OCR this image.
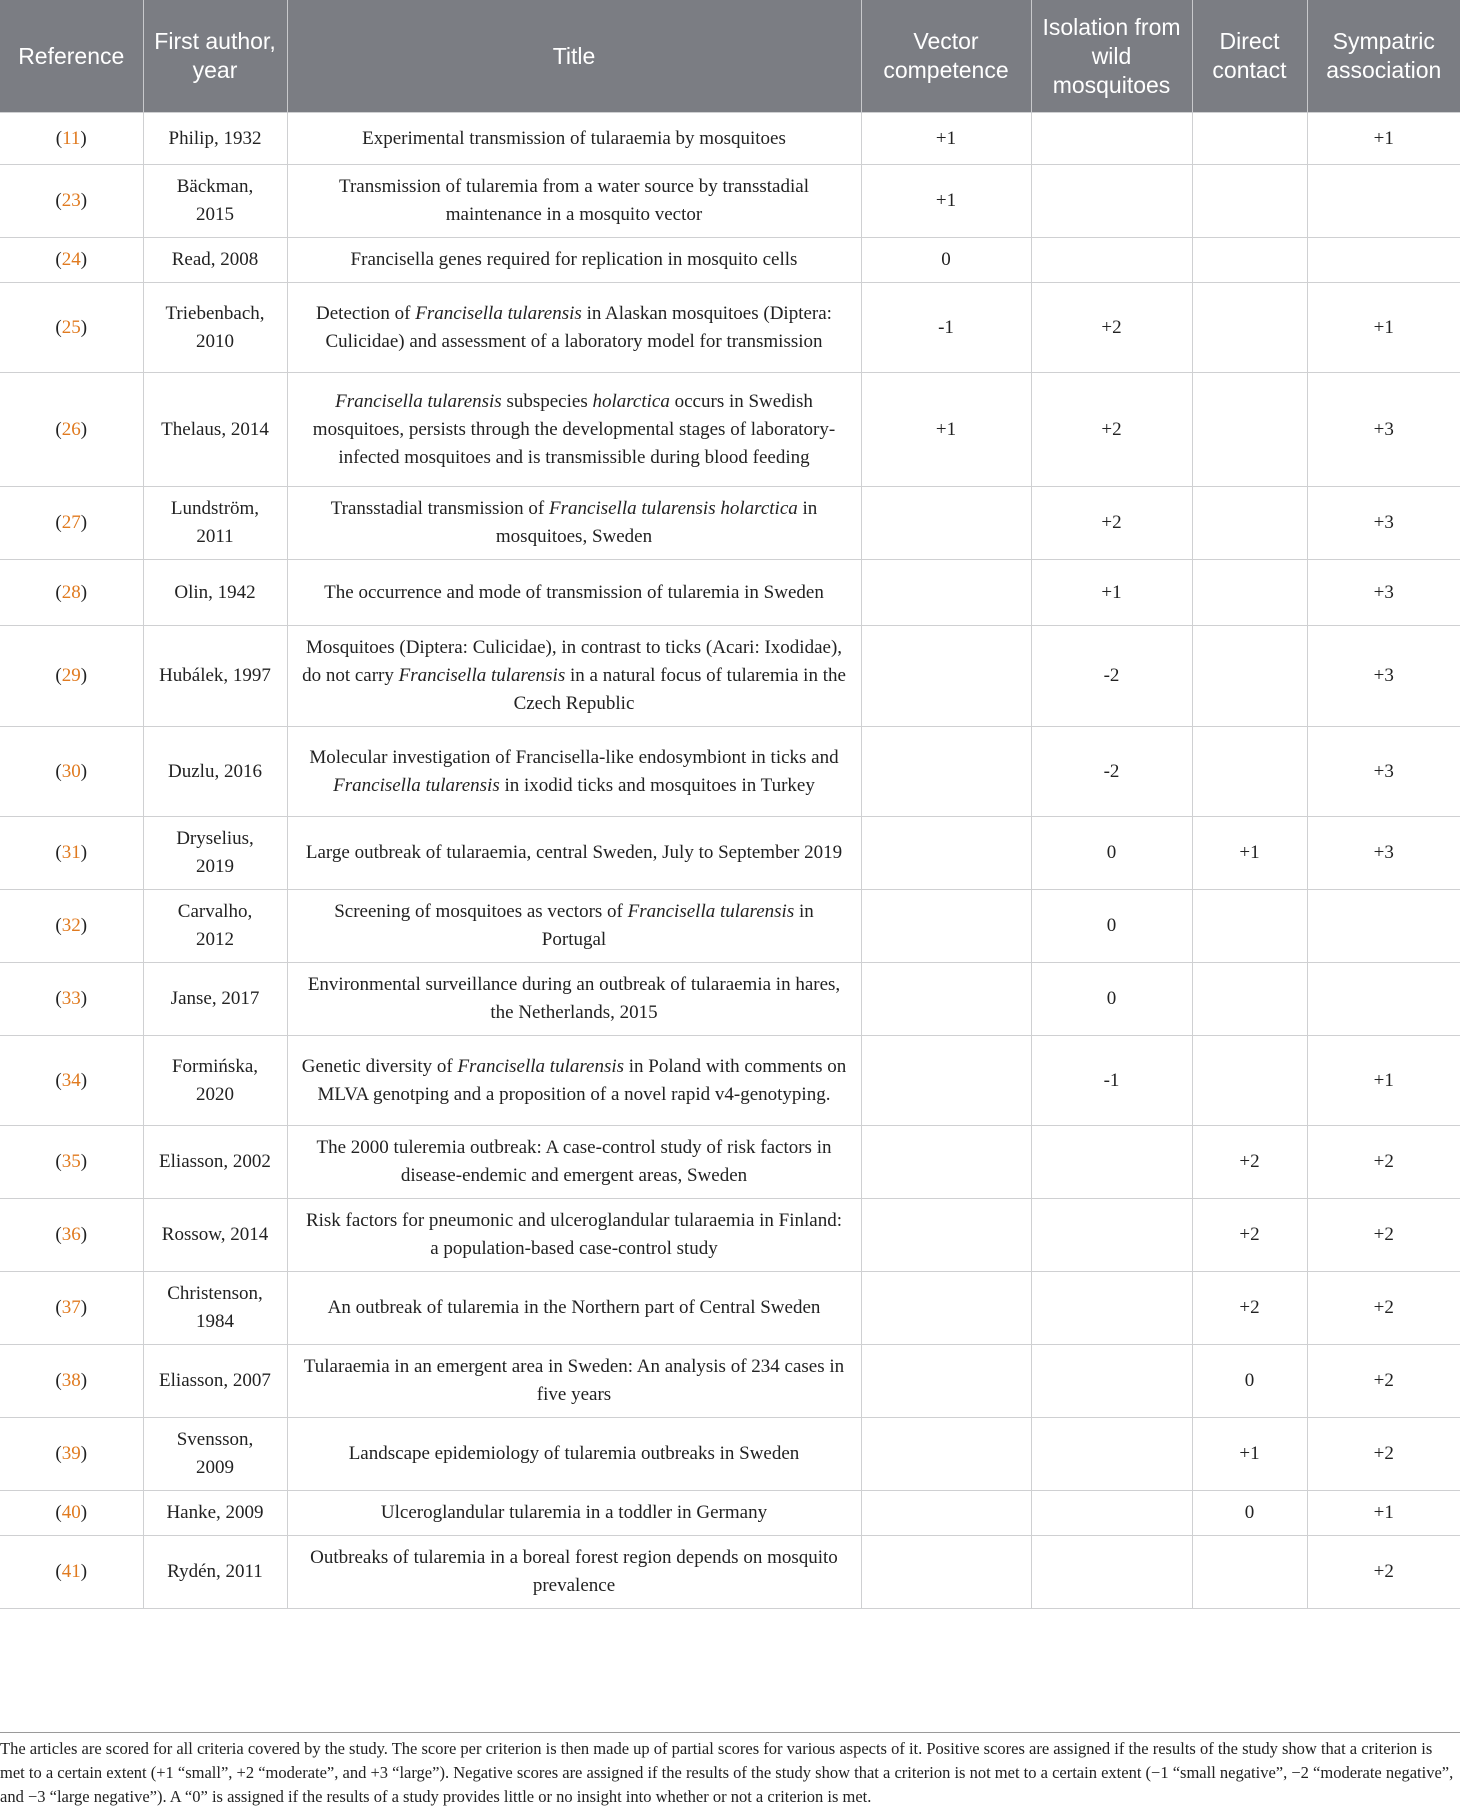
Reference	First author, year	Title	Vector competence	Isolation from wild mosquitoes	Direct contact	Sympatric association
(11)	Philip, 1932	Experimental transmission of tularaemia by mosquitoes	+1			+1
(23)	Bäckman, 2015	Transmission of tularemia from a water source by transstadial maintenance in a mosquito vector	+1			
(24)	Read, 2008	Francisella genes required for replication in mosquito cells	0			
(25)	Triebenbach, 2010	Detection of Francisella tularensis in Alaskan mosquitoes (Diptera: Culicidae) and assessment of a laboratory model for transmission	-1	+2		+1
(26)	Thelaus, 2014	Francisella tularensis subspecies holarctica occurs in Swedish mosquitoes, persists through the developmental stages of laboratory-infected mosquitoes and is transmissible during blood feeding	+1	+2		+3
(27)	Lundström, 2011	Transstadial transmission of Francisella tularensis holarctica in mosquitoes, Sweden		+2		+3
(28)	Olin, 1942	The occurrence and mode of transmission of tularemia in Sweden		+1		+3
(29)	Hubálek, 1997	Mosquitoes (Diptera: Culicidae), in contrast to ticks (Acari: Ixodidae), do not carry Francisella tularensis in a natural focus of tularemia in the Czech Republic		-2		+3
(30)	Duzlu, 2016	Molecular investigation of Francisella-like endosymbiont in ticks and Francisella tularensis in ixodid ticks and mosquitoes in Turkey		-2		+3
(31)	Dryselius, 2019	Large outbreak of tularaemia, central Sweden, July to September 2019		0	+1	+3
(32)	Carvalho, 2012	Screening of mosquitoes as vectors of Francisella tularensis in Portugal		0		
(33)	Janse, 2017	Environmental surveillance during an outbreak of tularaemia in hares, the Netherlands, 2015		0		
(34)	Formińska, 2020	Genetic diversity of Francisella tularensis in Poland with comments on MLVA genotping and a proposition of a novel rapid v4-genotyping.		-1		+1
(35)	Eliasson, 2002	The 2000 tuleremia outbreak: A case-control study of risk factors in disease-endemic and emergent areas, Sweden			+2	+2
(36)	Rossow, 2014	Risk factors for pneumonic and ulceroglandular tularaemia in Finland: a population-based case-control study			+2	+2
(37)	Christenson, 1984	An outbreak of tularemia in the Northern part of Central Sweden			+2	+2
(38)	Eliasson, 2007	Tularaemia in an emergent area in Sweden: An analysis of 234 cases in five years			0	+2
(39)	Svensson, 2009	Landscape epidemiology of tularemia outbreaks in Sweden			+1	+2
(40)	Hanke, 2009	Ulceroglandular tularemia in a toddler in Germany			0	+1
(41)	Rydén, 2011	Outbreaks of tularemia in a boreal forest region depends on mosquito prevalence				+2
The articles are scored for all criteria covered by the study. The score per criterion is then made up of partial scores for various aspects of it. Positive scores are assigned if the results of the study show that a criterion is met to a certain extent (+1 “small”, +2 “moderate”, and +3 “large”). Negative scores are assigned if the results of the study show that a criterion is not met to a certain extent (−1 “small negative”, −2 “moderate negative”, and −3 “large negative”). A “0” is assigned if the results of a study provides little or no insight into whether or not a criterion is met.
